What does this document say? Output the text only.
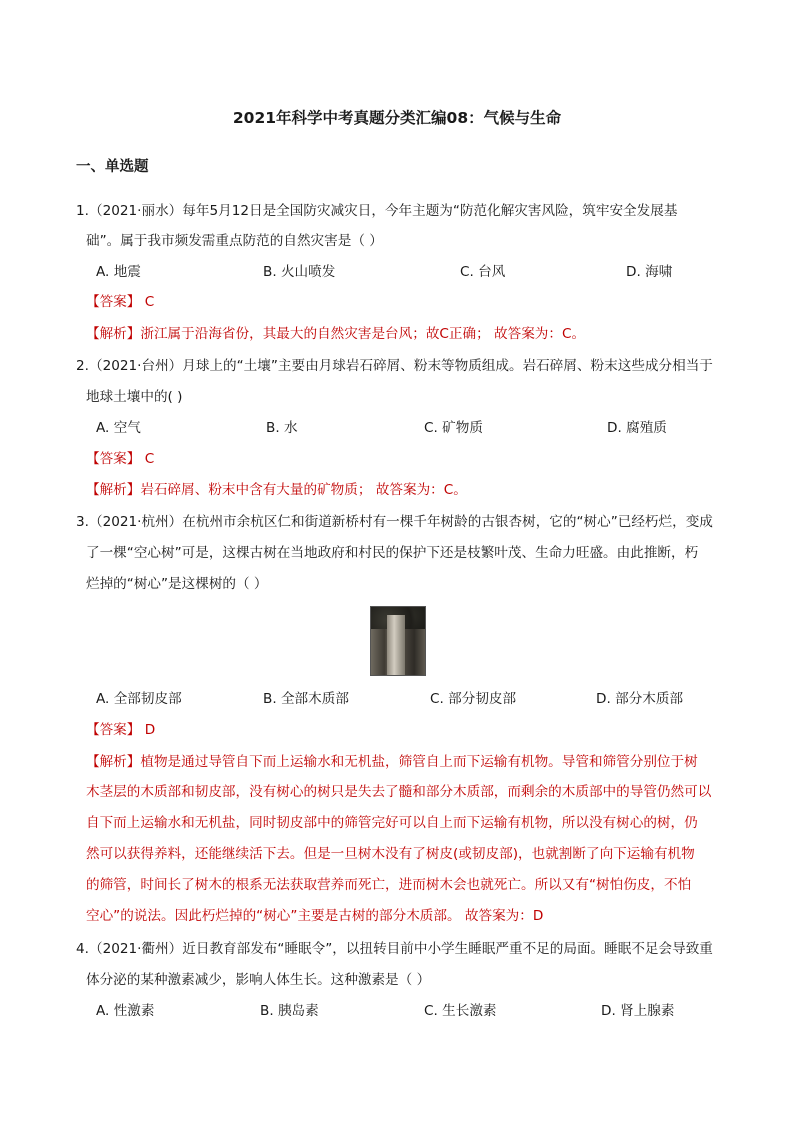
2021年科学中考真题分类汇编08：气候与生命
一、单选题
1.（2021·丽水）每年5月12日是全国防灾减灾日，今年主题为“防范化解灾害风险，筑牢安全发展基
础”。属于我市频发需重点防范的自然灾害是（ ）
A. 地震	B. 火山喷发	C. 台风	D. 海啸
【答案】 C
【解析】浙江属于沿海省份，其最大的自然灾害是台风；故C正确； 故答案为：C。
2.（2021·台州）月球上的“土壤”主要由月球岩石碎屑、粉末等物质组成。岩石碎屑、粉末这些成分相当于
地球土壤中的( )
A. 空气	B. 水	C. 矿物质	D. 腐殖质
【答案】 C
【解析】岩石碎屑、粉末中含有大量的矿物质； 故答案为：C。
3.（2021·杭州）在杭州市余杭区仁和街道新桥村有一棵千年树龄的古银杏树，它的“树心”已经朽烂，变成
了一棵“空心树”可是，这棵古树在当地政府和村民的保护下还是枝繁叶茂、生命力旺盛。由此推断，朽
烂掉的“树心”是这棵树的（ ）
A. 全部韧皮部	B. 全部木质部	C. 部分韧皮部	D. 部分木质部
【答案】 D
【解析】植物是通过导管自下而上运输水和无机盐，筛管自上而下运输有机物。导管和筛管分别位于树
木茎层的木质部和韧皮部，没有树心的树只是失去了髓和部分木质部，而剩余的木质部中的导管仍然可以
自下而上运输水和无机盐，同时韧皮部中的筛管完好可以自上而下运输有机物，所以没有树心的树，仍
然可以获得养料，还能继续活下去。但是一旦树木没有了树皮(或韧皮部)，也就割断了向下运输有机物
的筛管，时间长了树木的根系无法获取营养而死亡，进而树木会也就死亡。所以又有“树怕伤皮，不怕
空心”的说法。因此朽烂掉的“树心”主要是古树的部分木质部。 故答案为：D
4.（2021·衢州）近日教育部发布“睡眠令”，以扭转目前中小学生睡眠严重不足的局面。睡眠不足会导致重
体分泌的某种激素减少，影响人体生长。这种激素是（ ）
A. 性激素	B. 胰岛素	C. 生长激素	D. 肾上腺素
